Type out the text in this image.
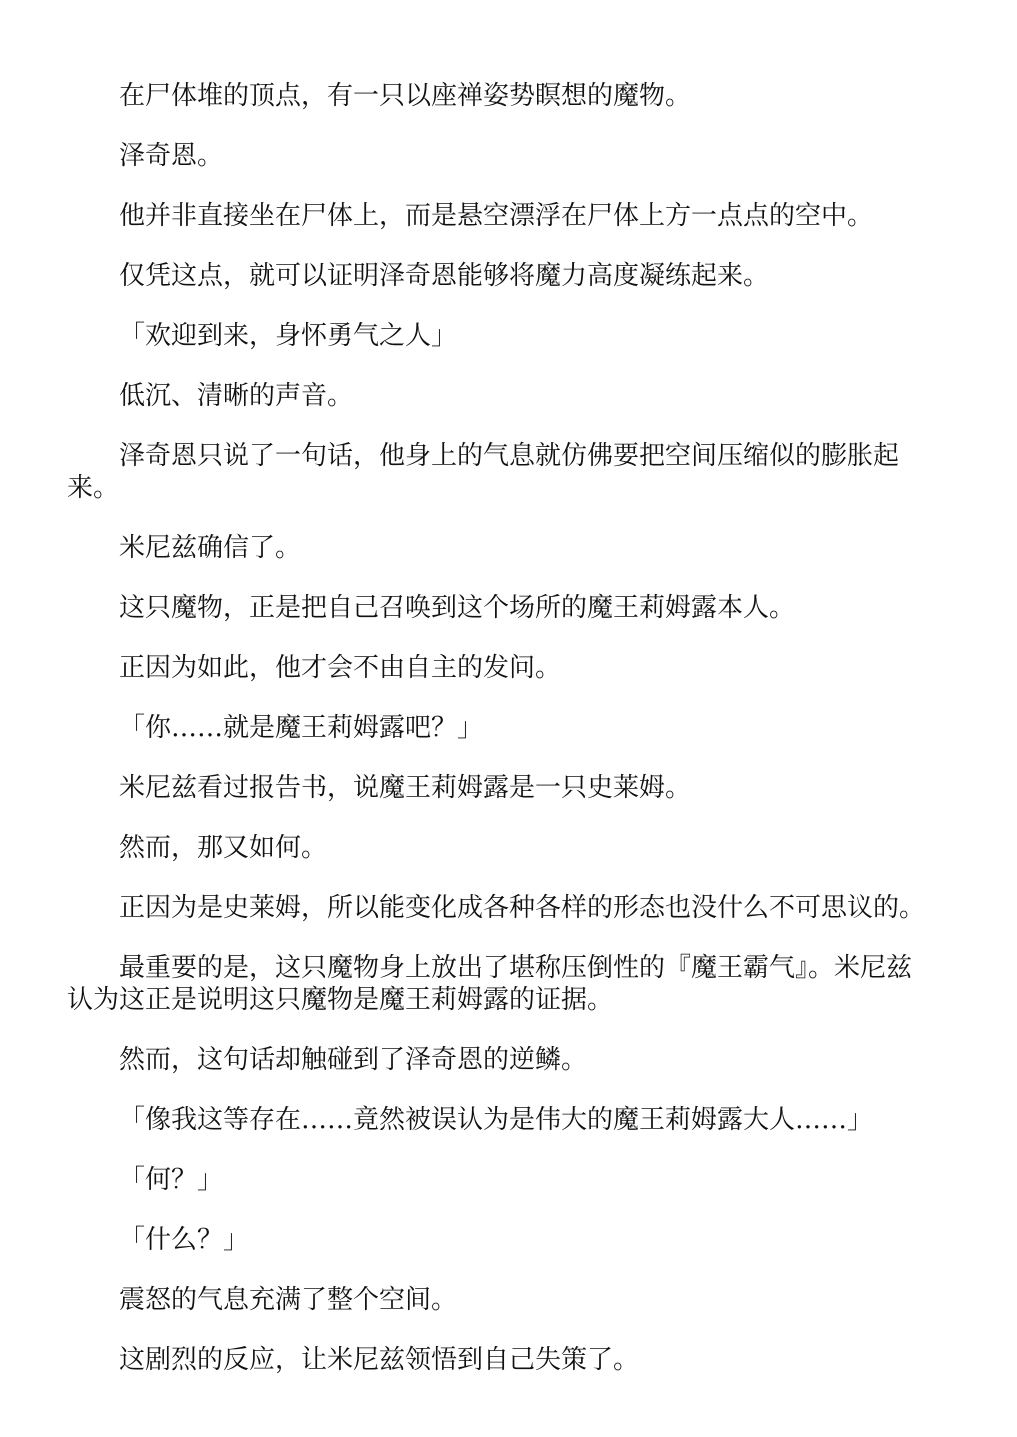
在尸体堆的顶点，有一只以座禅姿势瞑想的魔物。

泽奇恩。

他并非直接坐在尸体上，而是悬空漂浮在尸体上方一点点的空中。

仅凭这点，就可以证明泽奇恩能够将魔力高度凝练起来。

「欢迎到来，身怀勇气之人」

低沉、清晰的声音。

泽奇恩只说了一句话，他身上的气息就仿佛要把空间压缩似的膨胀起来。

米尼兹确信了。

这只魔物，正是把自己召唤到这个场所的魔王莉姆露本人。

正因为如此，他才会不由自主的发问。

「你……就是魔王莉姆露吧？」

米尼兹看过报告书，说魔王莉姆露是一只史莱姆。

然而，那又如何。

正因为是史莱姆，所以能变化成各种各样的形态也没什么不可思议的。

最重要的是，这只魔物身上放出了堪称压倒性的『魔王霸气』。米尼兹认为这正是说明这只魔物是魔王莉姆露的证据。

然而，这句话却触碰到了泽奇恩的逆鳞。

「像我这等存在……竟然被误认为是伟大的魔王莉姆露大人……」

「何？」

「什么？」

震怒的气息充满了整个空间。

这剧烈的反应，让米尼兹领悟到自己失策了。
